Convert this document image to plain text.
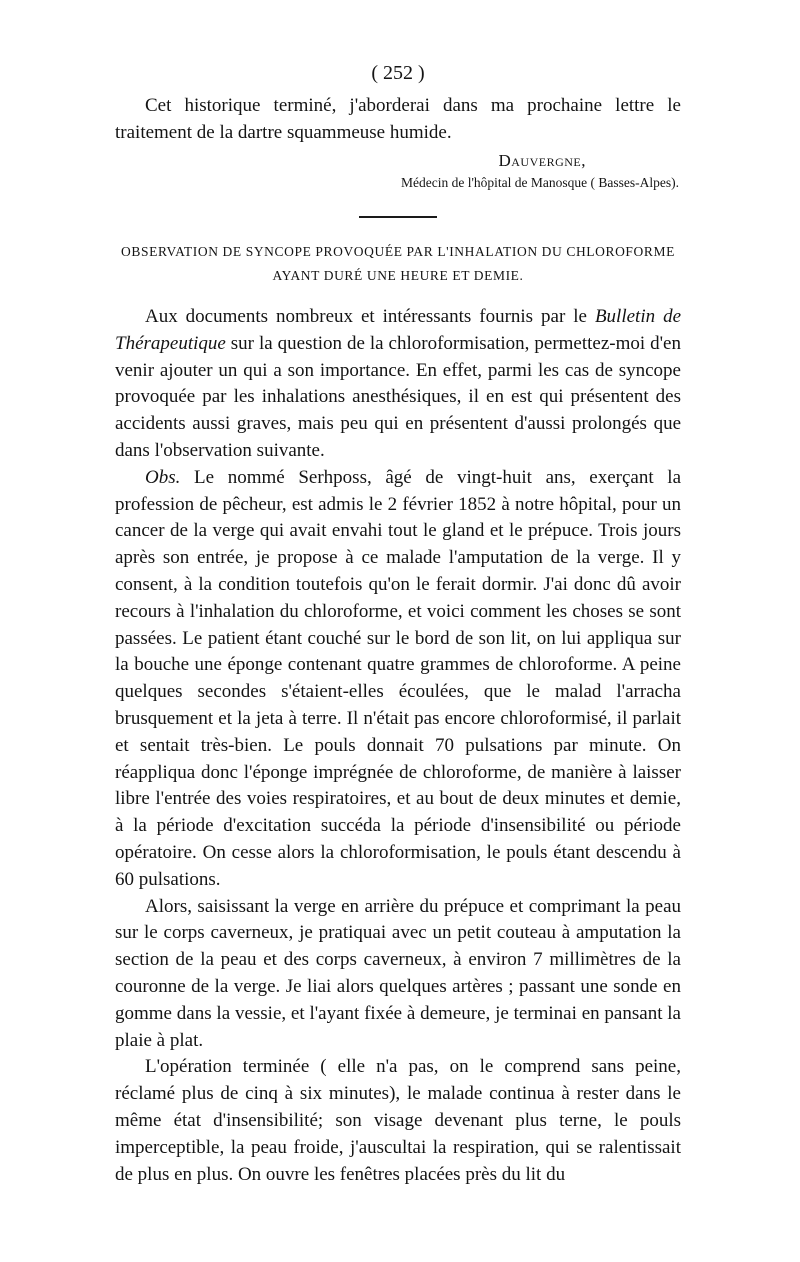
( 252 )

Cet historique terminé, j'aborderai dans ma prochaine lettre le traitement de la dartre squammeuse humide.

Dauvergne,
Médecin de l'hôpital de Manosque ( Basses-Alpes).
OBSERVATION DE SYNCOPE PROVOQUÉE PAR L'INHALATION DU CHLOROFORME AYANT DURÉ UNE HEURE ET DEMIE.

Aux documents nombreux et intéressants fournis par le Bulletin de Thérapeutique sur la question de la chloroformisation, permettez-moi d'en venir ajouter un qui a son importance. En effet, parmi les cas de syncope provoquée par les inhalations anesthésiques, il en est qui présentent des accidents aussi graves, mais peu qui en présentent d'aussi prolongés que dans l'observation suivante.

Obs. Le nommé Serhposs, âgé de vingt-huit ans, exerçant la profession de pêcheur, est admis le 2 février 1852 à notre hôpital, pour un cancer de la verge qui avait envahi tout le gland et le prépuce. Trois jours après son entrée, je propose à ce malade l'amputation de la verge. Il y consent, à la condition toutefois qu'on le ferait dormir. J'ai donc dû avoir recours à l'inhalation du chloroforme, et voici comment les choses se sont passées. Le patient étant couché sur le bord de son lit, on lui appliqua sur la bouche une éponge contenant quatre grammes de chloroforme. A peine quelques secondes s'étaient-elles écoulées, que le malad l'arracha brusquement et la jeta à terre. Il n'était pas encore chloroformisé, il parlait et sentait très-bien. Le pouls donnait 70 pulsations par minute. On réappliqua donc l'éponge imprégnée de chloroforme, de manière à laisser libre l'entrée des voies respiratoires, et au bout de deux minutes et demie, à la période d'excitation succéda la période d'insensibilité ou période opératoire. On cesse alors la chloroformisation, le pouls étant descendu à 60 pulsations.

Alors, saisissant la verge en arrière du prépuce et comprimant la peau sur le corps caverneux, je pratiquai avec un petit couteau à amputation la section de la peau et des corps caverneux, à environ 7 millimètres de la couronne de la verge. Je liai alors quelques artères ; passant une sonde en gomme dans la vessie, et l'ayant fixée à demeure, je terminai en pansant la plaie à plat.

L'opération terminée ( elle n'a pas, on le comprend sans peine, réclamé plus de cinq à six minutes), le malade continua à rester dans le même état d'insensibilité; son visage devenant plus terne, le pouls imperceptible, la peau froide, j'auscultai la respiration, qui se ralentissait de plus en plus. On ouvre les fenêtres placées près du lit du
